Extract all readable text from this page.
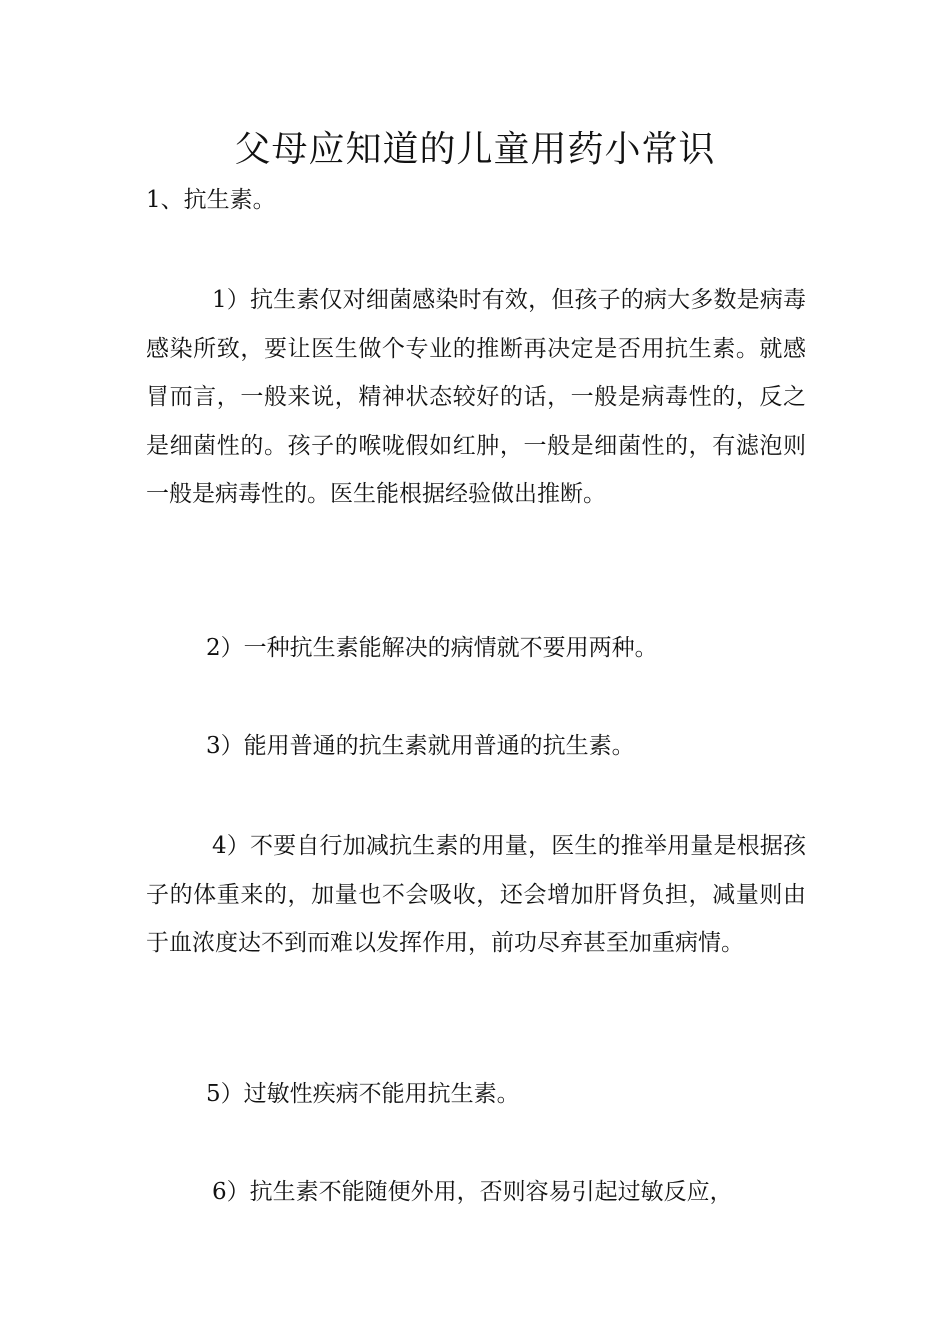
父母应知道的儿童用药小常识

1、抗生素。

1）抗生素仅对细菌感染时有效，但孩子的病大多数是病毒感染所致，要让医生做个专业的推断再决定是否用抗生素。就感冒而言，一般来说，精神状态较好的话，一般是病毒性的，反之是细菌性的。孩子的喉咙假如红肿，一般是细菌性的，有滤泡则一般是病毒性的。医生能根据经验做出推断。

2）一种抗生素能解决的病情就不要用两种。

3）能用普通的抗生素就用普通的抗生素。

4）不要自行加减抗生素的用量，医生的推举用量是根据孩子的体重来的，加量也不会吸收，还会增加肝肾负担，减量则由于血浓度达不到而难以发挥作用，前功尽弃甚至加重病情。

5）过敏性疾病不能用抗生素。

6）抗生素不能随便外用，否则容易引起过敏反应，
